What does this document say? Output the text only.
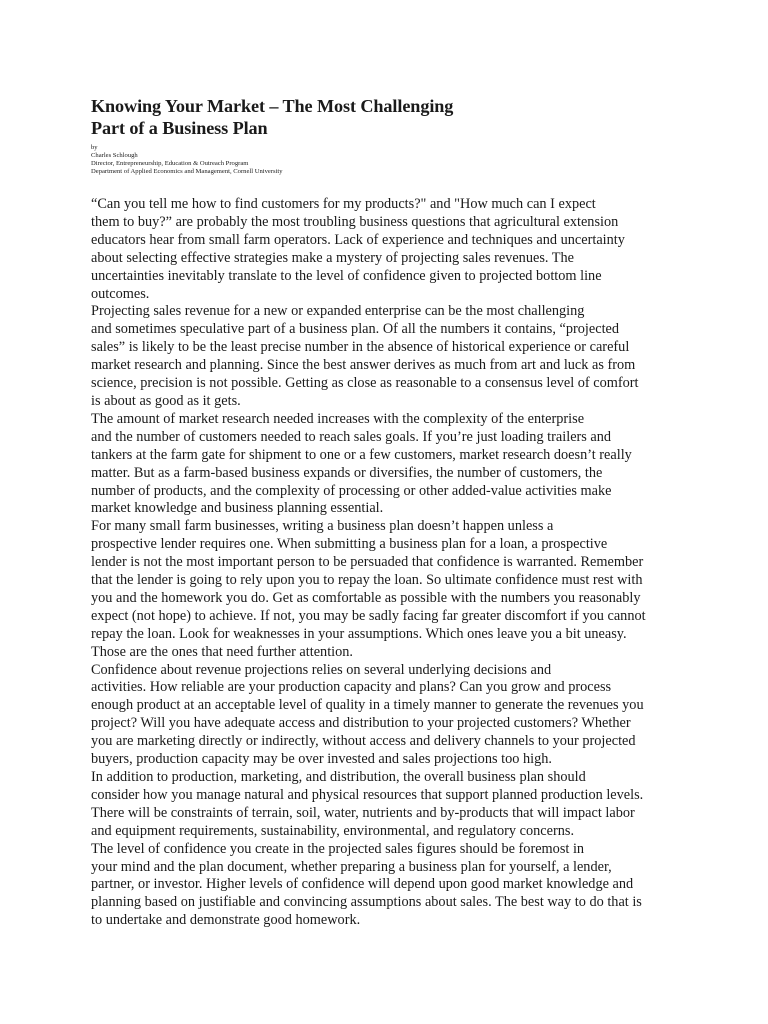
Knowing Your Market – The Most Challenging
Part of a Business Plan
by
Charles Schlough
Director, Entrepreneurship, Education & Outreach Program
Department of Applied Economics and Management, Cornell University

“Can you tell me how to find customers for my products?" and "How much can I expect
them to buy?” are probably the most troubling business questions that agricultural extension
educators hear from small farm operators. Lack of experience and techniques and uncertainty
about selecting effective strategies make a mystery of projecting sales revenues. The
uncertainties inevitably translate to the level of confidence given to projected bottom line
outcomes.

Projecting sales revenue for a new or expanded enterprise can be the most challenging
and sometimes speculative part of a business plan. Of all the numbers it contains, “projected
sales” is likely to be the least precise number in the absence of historical experience or careful
market research and planning. Since the best answer derives as much from art and luck as from
science, precision is not possible. Getting as close as reasonable to a consensus level of comfort
is about as good as it gets.

The amount of market research needed increases with the complexity of the enterprise
and the number of customers needed to reach sales goals. If you’re just loading trailers and
tankers at the farm gate for shipment to one or a few customers, market research doesn’t really
matter. But as a farm-based business expands or diversifies, the number of customers, the
number of products, and the complexity of processing or other added-value activities make
market knowledge and business planning essential.

For many small farm businesses, writing a business plan doesn’t happen unless a
prospective lender requires one. When submitting a business plan for a loan, a prospective
lender is not the most important person to be persuaded that confidence is warranted. Remember
that the lender is going to rely upon you to repay the loan. So ultimate confidence must rest with
you and the homework you do. Get as comfortable as possible with the numbers you reasonably
expect (not hope) to achieve. If not, you may be sadly facing far greater discomfort if you cannot
repay the loan. Look for weaknesses in your assumptions. Which ones leave you a bit uneasy.
Those are the ones that need further attention.

Confidence about revenue projections relies on several underlying decisions and
activities. How reliable are your production capacity and plans? Can you grow and process
enough product at an acceptable level of quality in a timely manner to generate the revenues you
project? Will you have adequate access and distribution to your projected customers? Whether
you are marketing directly or indirectly, without access and delivery channels to your projected
buyers, production capacity may be over invested and sales projections too high.

In addition to production, marketing, and distribution, the overall business plan should
consider how you manage natural and physical resources that support planned production levels.
There will be constraints of terrain, soil, water, nutrients and by-products that will impact labor
and equipment requirements, sustainability, environmental, and regulatory concerns.

The level of confidence you create in the projected sales figures should be foremost in
your mind and the plan document, whether preparing a business plan for yourself, a lender,
partner, or investor. Higher levels of confidence will depend upon good market knowledge and
planning based on justifiable and convincing assumptions about sales. The best way to do that is
to undertake and demonstrate good homework.
